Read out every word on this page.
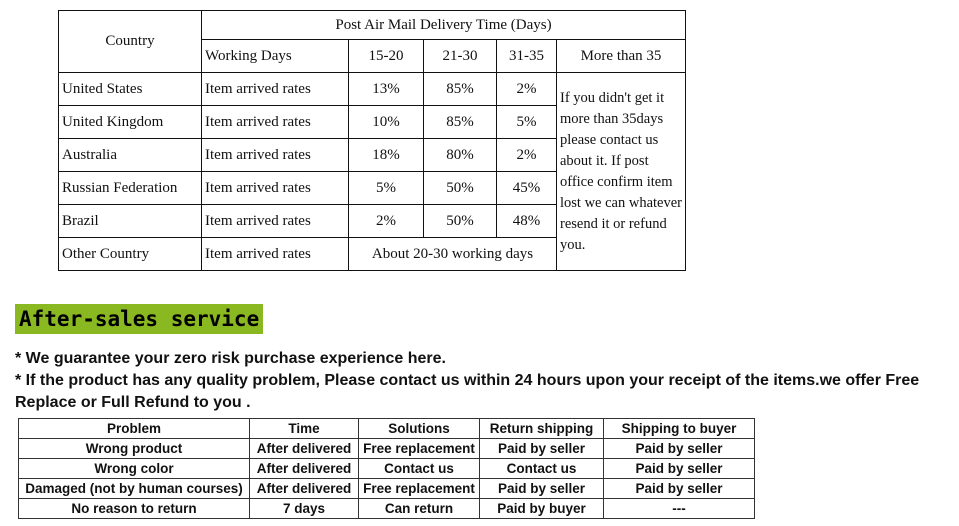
Country	Post Air Mail Delivery Time (Days)				
	Working Days	15-20	21-30	31-35	More than 35
United States	Item arrived rates	13%	85%	2%	If you didn't get it more than 35days please contact us about it. If post office confirm item lost we can whatever resend it or refund you.
United Kingdom	Item arrived rates	10%	85%	5%	
Australia	Item arrived rates	18%	80%	2%	
Russian Federation	Item arrived rates	5%	50%	45%	
Brazil	Item arrived rates	2%	50%	48%	
Other Country	Item arrived rates	About 20-30 working days			
After-sales service

* We guarantee your zero risk purchase experience here.

* If the product has any quality problem, Please contact us within 24 hours upon your receipt of the items.we offer Free Replace or Full Refund to you .

Problem	Time	Solutions	Return shipping	Shipping to buyer
Wrong product	After delivered	Free replacement	Paid by seller	Paid by seller
Wrong color	After delivered	Contact us	Contact us	Paid by seller
Damaged (not by human courses)	After delivered	Free replacement	Paid by seller	Paid by seller
No reason to return	7 days	Can return	Paid by buyer	---
